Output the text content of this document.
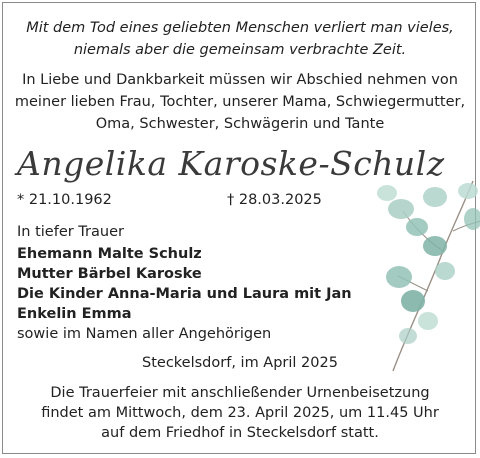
Mit dem Tod eines geliebten Menschen verliert man vieles,
niemals aber die gemeinsam verbrachte Zeit.
In Liebe und Dankbarkeit müssen wir Abschied nehmen von
meiner lieben Frau, Tochter, unserer Mama, Schwiegermutter,
Oma, Schwester, Schwägerin und Tante
Angelika Karoske-Schulz
* 21.10.1962	† 28.03.2025
In tiefer Trauer
Ehemann Malte Schulz
Mutter Bärbel Karoske
Die Kinder Anna-Maria und Laura mit Jan
Enkelin Emma
sowie im Namen aller Angehörigen
Steckelsdorf, im April 2025
Die Trauerfeier mit anschließender Urnenbeisetzung
findet am Mittwoch, dem 23. April 2025, um 11.45 Uhr
auf dem Friedhof in Steckelsdorf statt.
